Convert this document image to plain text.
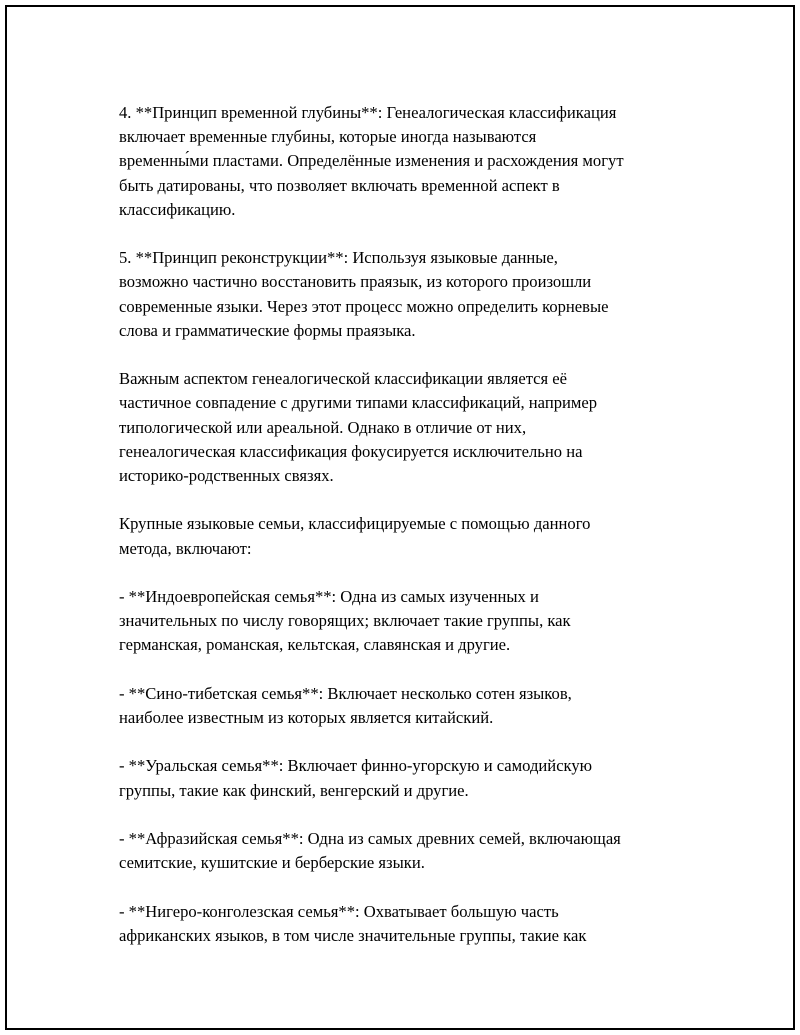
4. **Принцип временной глубины**: Генеалогическая классификация
включает временные глубины, которые иногда называются
временны́ми пластами. Определённые изменения и расхождения могут
быть датированы, что позволяет включать временной аспект в
классификацию.

5. **Принцип реконструкции**: Используя языковые данные,
возможно частично восстановить праязык, из которого произошли
современные языки. Через этот процесс можно определить корневые
слова и грамматические формы праязыка.

Важным аспектом генеалогической классификации является её
частичное совпадение с другими типами классификаций, например
типологической или ареальной. Однако в отличие от них,
генеалогическая классификация фокусируется исключительно на
историко-родственных связях.

Крупные языковые семьи, классифицируемые с помощью данного
метода, включают:

- **Индоевропейская семья**: Одна из самых изученных и
значительных по числу говорящих; включает такие группы, как
германская, романская, кельтская, славянская и другие.

- **Сино-тибетская семья**: Включает несколько сотен языков,
наиболее известным из которых является китайский.

- **Уральская семья**: Включает финно-угорскую и самодийскую
группы, такие как финский, венгерский и другие.

- **Афразийская семья**: Одна из самых древних семей, включающая
семитские, кушитские и берберские языки.

- **Нигеро-конголезская семья**: Охватывает большую часть
африканских языков, в том числе значительные группы, такие как
